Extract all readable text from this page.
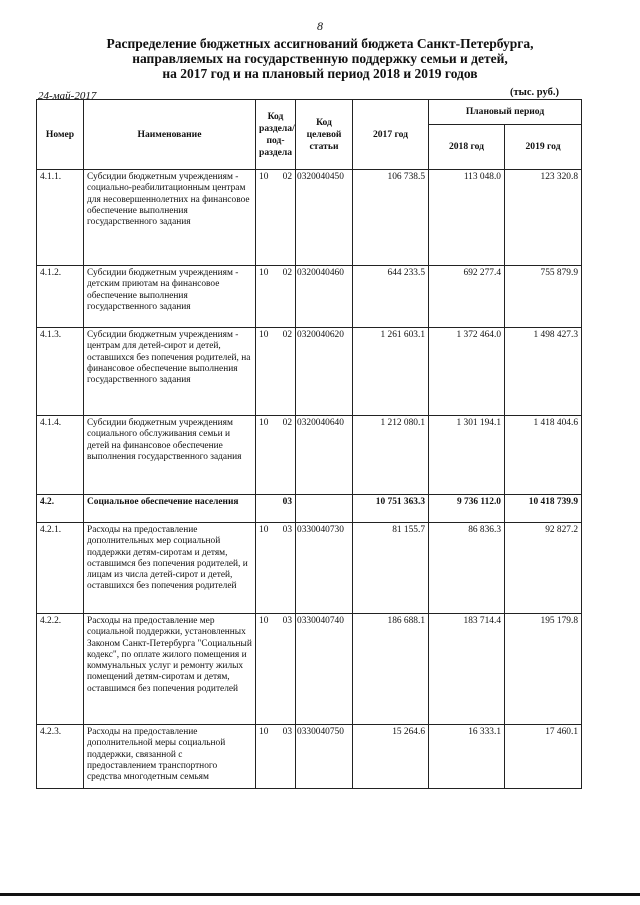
8
Распределение бюджетных ассигнований бюджета Санкт-Петербурга,
направляемых на государственную поддержку семьи и детей,
на 2017 год и на плановый период 2018 и 2019 годов
24-май-2017	(тыс. руб.)
Номер	Наименование	Код раздела/ под-раздела		Код целевой статьи	2017 год	Плановый период	
						2018 год	2019 год
4.1.1.	Субсидии бюджетным учреждениям - социально-реабилитационным центрам для несовершеннолетних на финансовое обеспечение выполнения государственного задания	10	02	0320040450	106 738.5	113 048.0	123 320.8
4.1.2.	Субсидии бюджетным учреждениям - детским приютам на финансовое обеспечение выполнения государственного задания	10	02	0320040460	644 233.5	692 277.4	755 879.9
4.1.3.	Субсидии бюджетным учреждениям - центрам для детей-сирот и детей, оставшихся без попечения родителей, на финансовое обеспечение выполнения государственного задания	10	02	0320040620	1 261 603.1	1 372 464.0	1 498 427.3
4.1.4.	Субсидии бюджетным учреждениям социального обслуживания семьи и детей на финансовое обеспечение выполнения государственного задания	10	02	0320040640	1 212 080.1	1 301 194.1	1 418 404.6
4.2.	Социальное обеспечение населения		03		10 751 363.3	9 736 112.0	10 418 739.9
4.2.1.	Расходы на предоставление дополнительных мер социальной поддержки детям-сиротам и детям, оставшимся без попечения родителей, и лицам из числа детей-сирот и детей, оставшихся без попечения родителей	10	03	0330040730	81 155.7	86 836.3	92 827.2
4.2.2.	Расходы на предоставление мер социальной поддержки, установленных Законом Санкт-Петербурга "Социальный кодекс", по оплате жилого помещения и коммунальных услуг и ремонту жилых помещений детям-сиротам и детям, оставшимся без попечения родителей	10	03	0330040740	186 688.1	183 714.4	195 179.8
4.2.3.	Расходы на предоставление дополнительной меры социальной поддержки, связанной с предоставлением транспортного средства многодетным семьям	10	03	0330040750	15 264.6	16 333.1	17 460.1
